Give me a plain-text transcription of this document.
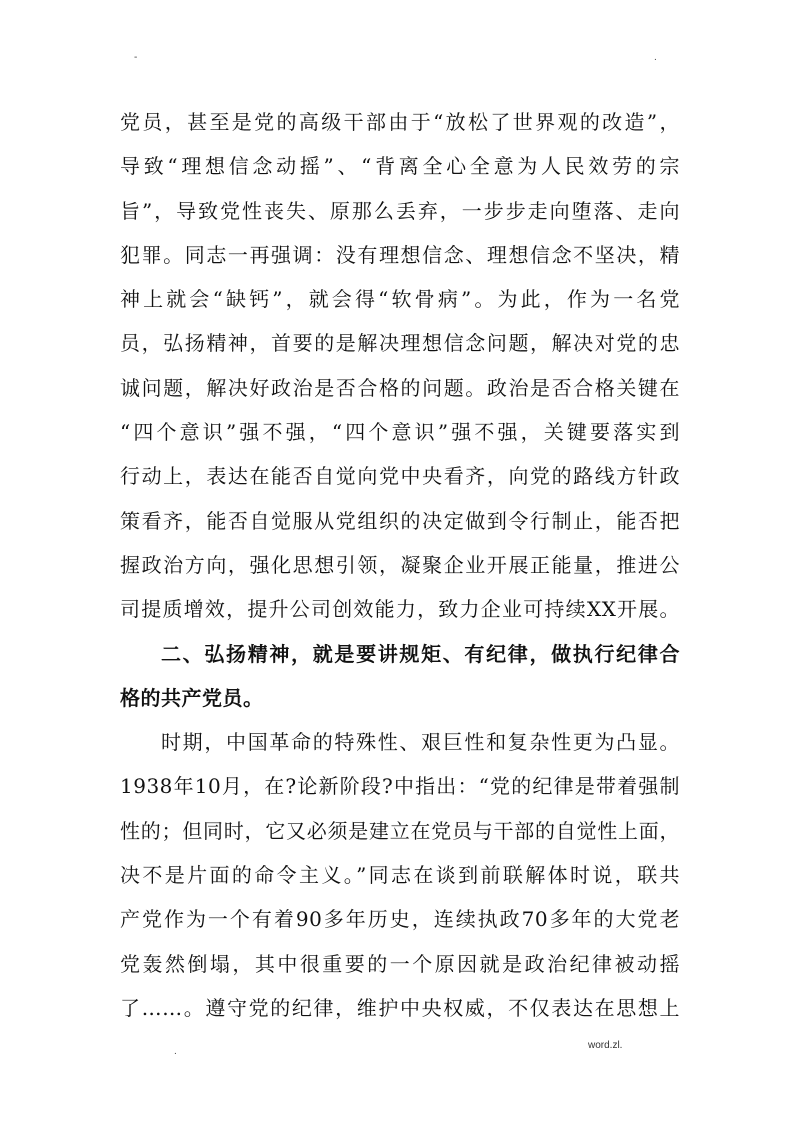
-	.
党员，甚至是党的高级干部由于“放松了世界观的改造”，
导致“理想信念动摇”、“背离全心全意为人民效劳的宗
旨”，导致党性丧失、原那么丢弃，一步步走向堕落、走向
犯罪。同志一再强调：没有理想信念、理想信念不坚决，精
神上就会“缺钙”，就会得“软骨病”。为此，作为一名党
员，弘扬精神，首要的是解决理想信念问题，解决对党的忠
诚问题，解决好政治是否合格的问题。政治是否合格关键在
“四个意识”强不强，“四个意识”强不强，关键要落实到
行动上，表达在能否自觉向党中央看齐，向党的路线方针政
策看齐，能否自觉服从党组织的决定做到令行制止，能否把
握政治方向，强化思想引领，凝聚企业开展正能量，推进公
司提质增效，提升公司创效能力，致力企业可持续XX开展。
二、弘扬精神，就是要讲规矩、有纪律，做执行纪律合
格的共产党员。
时期，中国革命的特殊性、艰巨性和复杂性更为凸显。
1938年10月，在?论新阶段?中指出：“党的纪律是带着强制
性的；但同时，它又必须是建立在党员与干部的自觉性上面，
决不是片面的命令主义。”同志在谈到前联解体时说，联共
产党作为一个有着90多年历史，连续执政70多年的大党老
党轰然倒塌，其中很重要的一个原因就是政治纪律被动摇
了……。遵守党的纪律，维护中央权威，不仅表达在思想上
.
word.zl.
